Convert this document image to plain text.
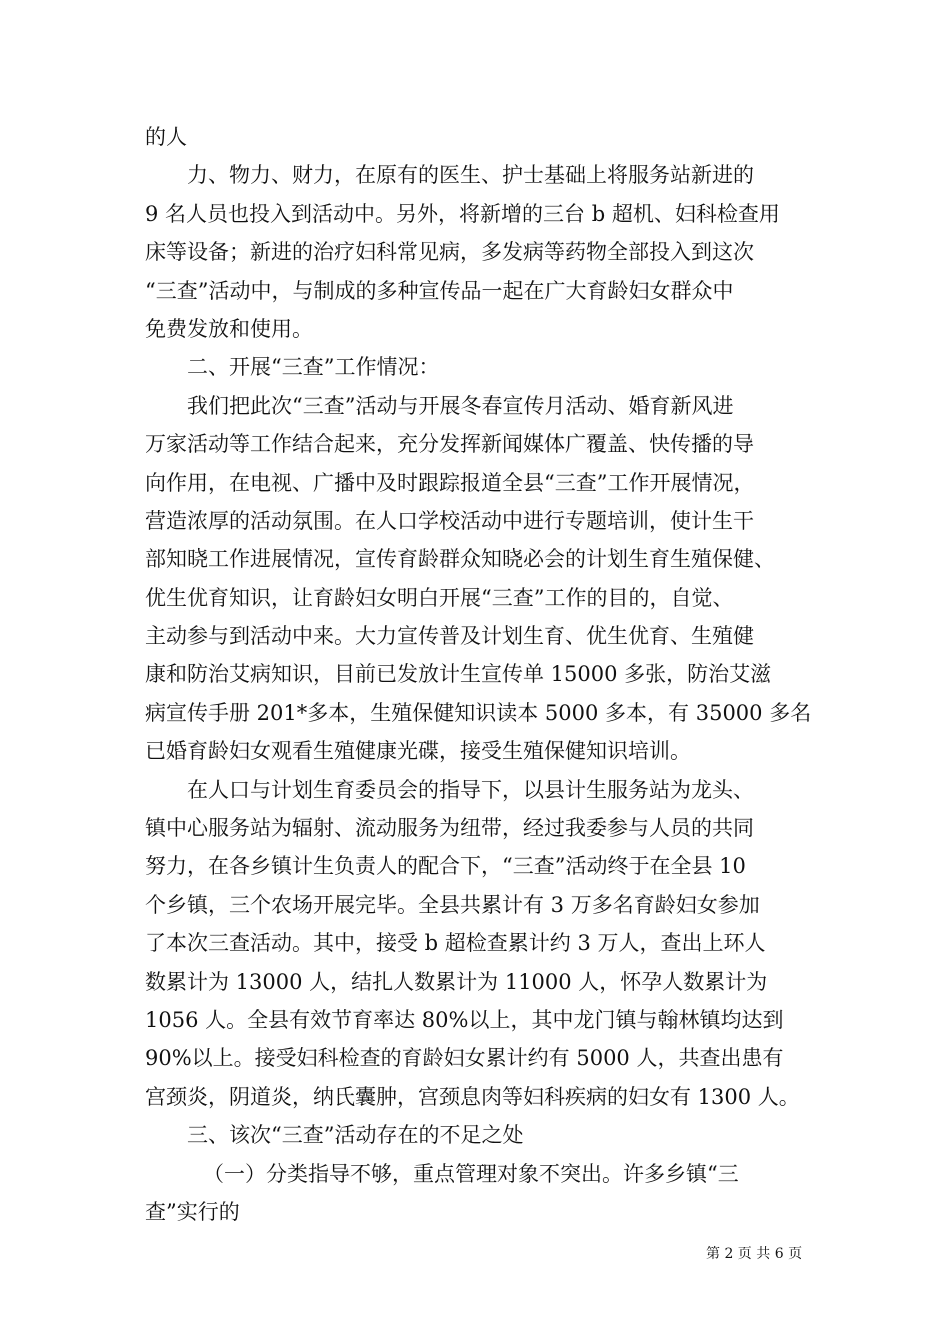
的人
力、物力、财力，在原有的医生、护士基础上将服务站新进的
9 名人员也投入到活动中。另外，将新增的三台 b 超机、妇科检查用
床等设备；新进的治疗妇科常见病，多发病等药物全部投入到这次
“三查”活动中，与制成的多种宣传品一起在广大育龄妇女群众中
免费发放和使用。
二、开展“三查”工作情况：
我们把此次“三查”活动与开展冬春宣传月活动、婚育新风进
万家活动等工作结合起来，充分发挥新闻媒体广覆盖、快传播的导
向作用，在电视、广播中及时跟踪报道全县“三查”工作开展情况，
营造浓厚的活动氛围。在人口学校活动中进行专题培训，使计生干
部知晓工作进展情况，宣传育龄群众知晓必会的计划生育生殖保健、
优生优育知识，让育龄妇女明白开展“三查”工作的目的，自觉、
主动参与到活动中来。大力宣传普及计划生育、优生优育、生殖健
康和防治艾病知识，目前已发放计生宣传单 15000 多张，防治艾滋
病宣传手册 201*多本，生殖保健知识读本 5000 多本，有 35000 多名
已婚育龄妇女观看生殖健康光碟，接受生殖保健知识培训。
在人口与计划生育委员会的指导下，以县计生服务站为龙头、
镇中心服务站为辐射、流动服务为纽带，经过我委参与人员的共同
努力，在各乡镇计生负责人的配合下，“三查”活动终于在全县 10
个乡镇，三个农场开展完毕。全县共累计有 3 万多名育龄妇女参加
了本次三查活动。其中，接受 b 超检查累计约 3 万人，查出上环人
数累计为 13000 人，结扎人数累计为 11000 人，怀孕人数累计为
1056 人。全县有效节育率达 80%以上，其中龙门镇与翰林镇均达到
90%以上。接受妇科检查的育龄妇女累计约有 5000 人，共查出患有
宫颈炎，阴道炎，纳氏囊肿，宫颈息肉等妇科疾病的妇女有 1300 人。
三、该次“三查”活动存在的不足之处
（一）分类指导不够，重点管理对象不突出。许多乡镇“三
查”实行的
第 2 页 共 6 页
